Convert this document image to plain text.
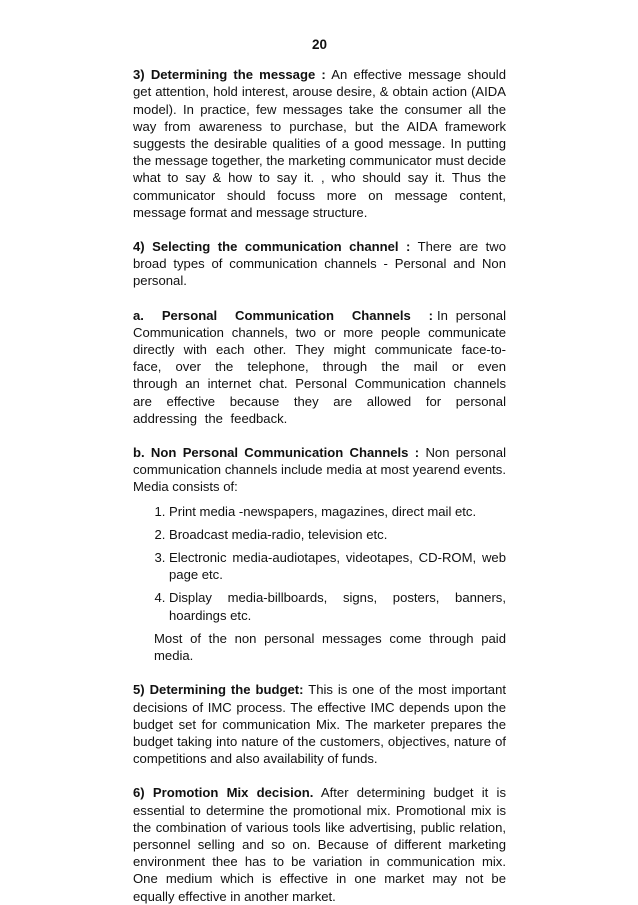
20

3) Determining the message : An effective message should get attention, hold interest, arouse desire, & obtain action (AIDA model). In practice, few messages take the consumer all the way from awareness to purchase, but the AIDA framework suggests the desirable qualities of a good message. In putting the message together, the marketing communicator must decide what to say & how to say it. , who should say it. Thus the communicator should focuss more on message content, message format and message structure.

4) Selecting the communication channel : There are two broad types of communication channels - Personal and Non personal.

a. Personal Communication Channels : In personal Communication channels, two or more people communicate directly with each other. They might communicate face-to-face, over the telephone, through the mail or even through an internet chat. Personal Communication channels are effective because they are allowed for personal addressing the feedback.

b. Non Personal Communication Channels : Non personal communication channels include media at most yearend events. Media consists of:

1. Print media -newspapers, magazines, direct mail etc.
2. Broadcast media-radio, television etc.
3. Electronic media-audiotapes, videotapes, CD-ROM, web page etc.
4. Display media-billboards, signs, posters, banners, hoardings etc.

Most of the non personal messages come through paid media.

5) Determining the budget: This is one of the most important decisions of IMC process. The effective IMC depends upon the budget set for communication Mix. The marketer prepares the budget taking into nature of the customers, objectives, nature of competitions and also availability of funds.

6) Promotion Mix decision. After determining budget it is essential to determine the promotional mix. Promotional mix is the combination of various tools like advertising, public relation, personnel selling and so on. Because of different marketing environment thee has to be variation in communication mix. One medium which is effective in one market may not be equally effective in another market.
